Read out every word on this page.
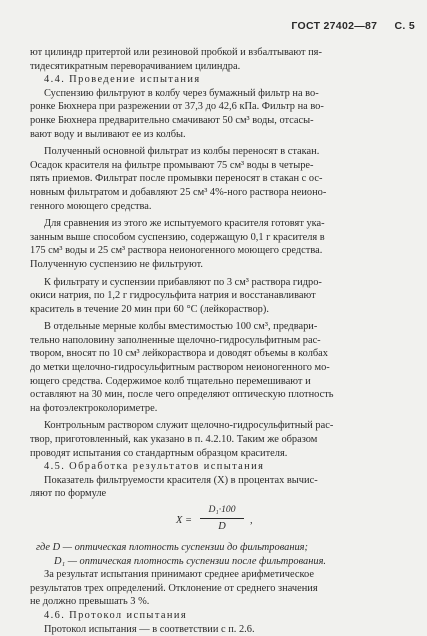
ГОСТ 27402—87 С. 5
ют цилиндр притертой или резиновой пробкой и взбалтывают пя-
тидесятикратным переворачиванием цилиндра.
4.4. Проведение испытания
Суспензию фильтруют в колбу через бумажный фильтр на во-
ронке Бюхнера при разрежении от 37,3 до 42,6 кПа. Фильтр на во-
ронке Бюхнера предварительно смачивают 50 см³ воды, отсасы-
вают воду и выливают ее из колбы.
Полученный основной фильтрат из колбы переносят в стакан.
Осадок красителя на фильтре промывают 75 см³ воды в четыре-
пять приемов. Фильтрат после промывки переносят в стакан с ос-
новным фильтратом и добавляют 25 см³ 4%-ного раствора неионо-
генного моющего средства.
Для сравнения из этого же испытуемого красителя готовят ука-
занным выше способом суспензию, содержащую 0,1 г красителя в
175 см³ воды и 25 см³ раствора неионогенного моющего средства.
Полученную суспензию не фильтруют.
К фильтрату и суспензии прибавляют по 3 см³ раствора гидро-
окиси натрия, по 1,2 г гидросульфита натрия и восстанавливают
краситель в течение 20 мин при 60 °С (лейкораствор).
В отдельные мерные колбы вместимостью 100 см³, предвари-
тельно наполовину заполненные щелочно-гидросульфитным рас-
твором, вносят по 10 см³ лейкораствора и доводят объемы в колбах
до метки щелочно-гидросульфитным раствором неионогенного мо-
ющего средства. Содержимое колб тщательно перемешивают и
оставляют на 30 мин, после чего определяют оптическую плотность
на фотоэлектроколориметре.
Контрольным раствором служит щелочно-гидросульфитный рас-
твор, приготовленный, как указано в п. 4.2.10. Таким же образом
проводят испытания со стандартным образцом красителя.
4.5. Обработка результатов испытания
Показатель фильтруемости красителя (X) в процентах вычис-
ляют по формуле
$X = \frac{\text{D₁·100}}{D}$ ,
где D — оптическая плотность суспензии до фильтрования;
D₁ — оптическая плотность суспензии после фильтрования.
За результат испытания принимают среднее арифметическое
результатов трех определений. Отклонение от среднего значения
не должно превышать 3 %.
4.6. Протокол испытания
Протокол испытания — в соответствии с п. 2.6.
